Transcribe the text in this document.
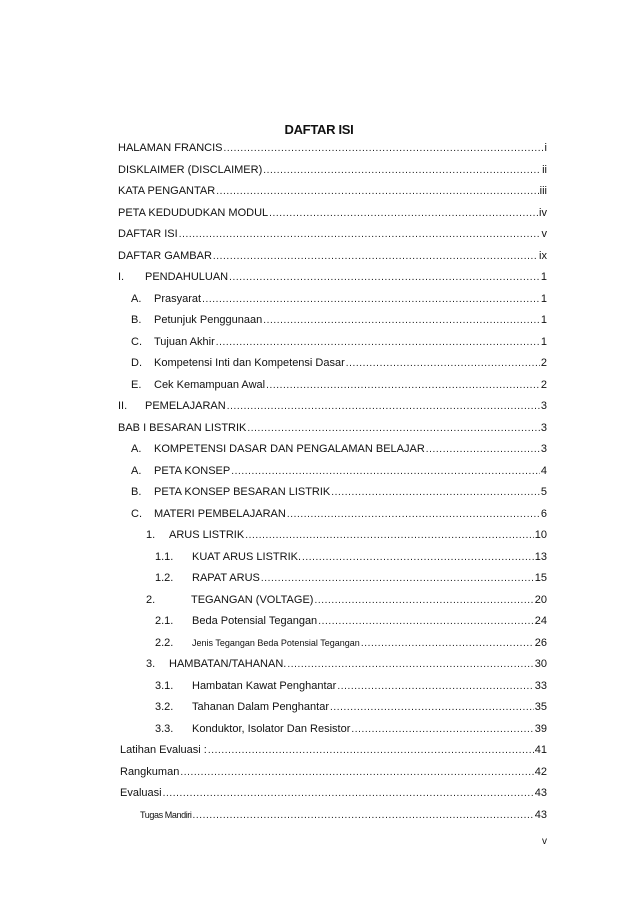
DAFTAR ISI
HALAMAN FRANCIS .....	i
DISKLAIMER (DISCLAIMER) .....	ii
KATA PENGANTAR .....	iii
PETA KEDUDUDKAN MODUL .....	iv
DAFTAR ISI .....	v
DAFTAR GAMBAR .....	ix
I.	PENDAHULUAN .....	1
A.	Prasyarat .....	1
B.	Petunjuk Penggunaan .....	1
C.	Tujuan Akhir .....	1
D.	Kompetensi Inti dan Kompetensi Dasar .....	2
E.	Cek Kemampuan Awal .....	2
II.	PEMELAJARAN .....	3
BAB I BESARAN LISTRIK .....	3
A.	KOMPETENSI DASAR DAN PENGALAMAN BELAJAR .....	3
A.	PETA KONSEP .....	4
B.	PETA KONSEP BESARAN LISTRIK .....	5
C.	MATERI PEMBELAJARAN .....	6
1.	ARUS LISTRIK .....	10
1.1.	KUAT ARUS LISTRIK. .....	13
1.2.	RAPAT ARUS .....	15
2.	TEGANGAN (VOLTAGE) .....	20
2.1.	Beda Potensial Tegangan .....	24
2.2.	Jenis Tegangan Beda Potensial Tegangan .....	26
3.	HAMBATAN/TAHANAN. .....	30
3.1.	Hambatan Kawat Penghantar .....	33
3.2.	Tahanan Dalam Penghantar .....	35
3.3.	Konduktor, Isolator Dan Resistor .....	39
Latihan Evaluasi : .....	41
Rangkuman .....	42
Evaluasi .....	43
Tugas Mandiri .....	43
v
